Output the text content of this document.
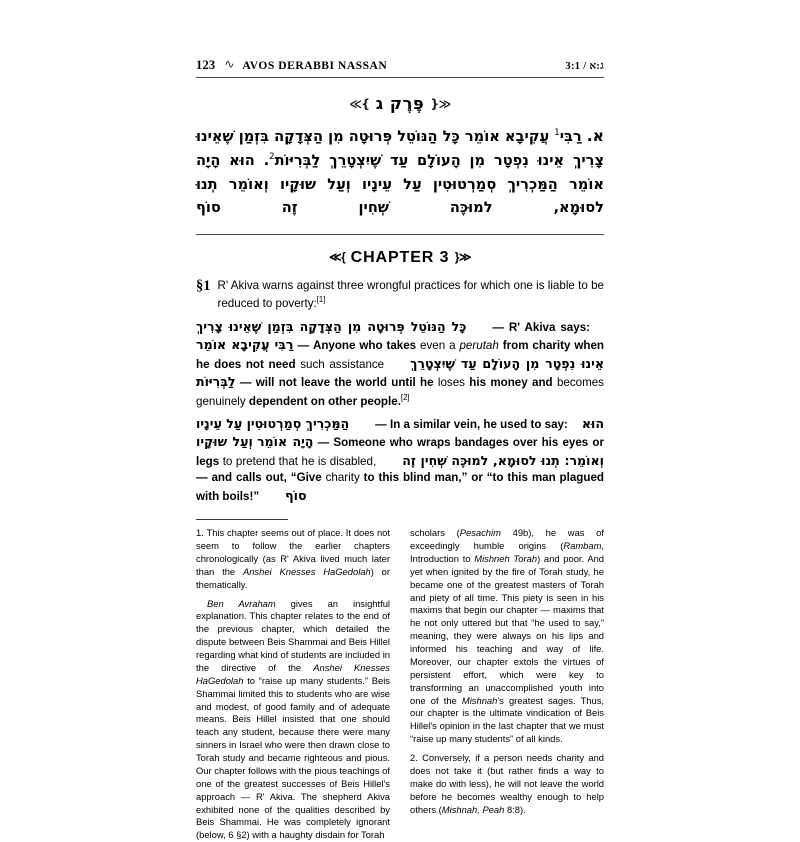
123 ∿ AVOS DERABBI NASSAN	3:1 / ג:א
≪{ פֶּרֶק ג }≫
א. רַבִּי$^1$ עֲקִיבָא אוֹמֵר כָּל הַנּוֹטֵל פְּרוּטָה מִן הַצְּדָקָה בִּזְמַן שֶׁאֵינוּ צָרִיךְ אֵינוּ נִפְטָר מִן הָעוֹלָם עַד שֶׁיִצְטָרֵךְ לַבְּרִיּוֹת$^2$. הוּא הָיָה אוֹמֵר הַמַּכְרִיךְ סְמַרְטוּטִין עַל עֵינָיו וְעַל שוּקָיו וְאוֹמֵר תְנוּ לסוּמָא, למוּכֶּה שְׁחִין זֶה סוֹף
≪{ CHAPTER 3 }≫
§1 R' Akiva warns against three wrongful practices for which one is liable to be reduced to poverty:[1]
כָּל הַנּוֹטֵל פְּרוּטָה מִן הַצְּדָקָה בִּזְמַן שֶׁאֵינוּ צָרִיךְ — R' Akiva says:רַבִּי עֲקִיבָא אוֹמֵר — Anyone who takes even a perutah from charity when he does not need such assistance אֵינוּ נִפְטָר מִן הָעוֹלָם עַד שֶׁיִצְטָרֵךְ לַבְּרִיּוֹת — will not leave the world until he loses his money and becomes genuinely dependent on other people.[2]
הַמַּכְרִיךְ סְמַרְטוּטִין עַל עֵינָיו — In a similar vein, he used to say: הוּא הָיָה אוֹמֵר וְעַל שוּקָיו	— Someone who wraps bandages over his eyes or legs to pretend that he is disabled, וְאוֹמֵר: תְנוּ לסוּמָא, למוּכֶּה שְׁחִין זֶה — and calls out, “Give charity to this blind man,” or “to this man plagued with boils!” סוֹף

1. This chapter seems out of place. It does not seem to follow the earlier chapters chronologically (as R' Akiva lived much later than the Anshei Knesses HaGedolah) or thematically.

Ben Avraham gives an insightful explanation. This chapter relates to the end of the previous chapter, which detailed the dispute between Beis Shammai and Beis Hillel regarding what kind of students are included in the directive of the Anshei Knesses HaGedolah to “raise up many students.” Beis Shammai limited this to students who are wise and modest, of good family and of adequate means. Beis Hillel insisted that one should teach any student, because there were many sinners in Israel who were then drawn close to Torah study and became righteous and pious. Our chapter follows with the pious teachings of one of the greatest successes of Beis Hillel's approach — R' Akiva. The shepherd Akiva exhibited none of the qualities described by Beis Shammai. He was completely ignorant (below, 6 §2) with a haughty disdain for Torah

scholars (Pesachim 49b), he was of exceedingly humble origins (Rambam, Introduction to Mishneh Torah) and poor. And yet when ignited by the fire of Torah study, he became one of the greatest masters of Torah and piety of all time. This piety is seen in his maxims that begin our chapter — maxims that he not only uttered but that “he used to say,” meaning, they were always on his lips and informed his teaching and way of life. Moreover, our chapter extols the virtues of persistent effort, which were key to transforming an unaccomplished youth into one of the Mishnah's greatest sages. Thus, our chapter is the ultimate vindication of Beis Hillel's opinion in the last chapter that we must “raise up many students” of all kinds.

2. Conversely, if a person needs charity and does not take it (but rather finds a way to make do with less), he will not leave the world before he becomes wealthy enough to help others (Mishnah, Peah 8:8).
